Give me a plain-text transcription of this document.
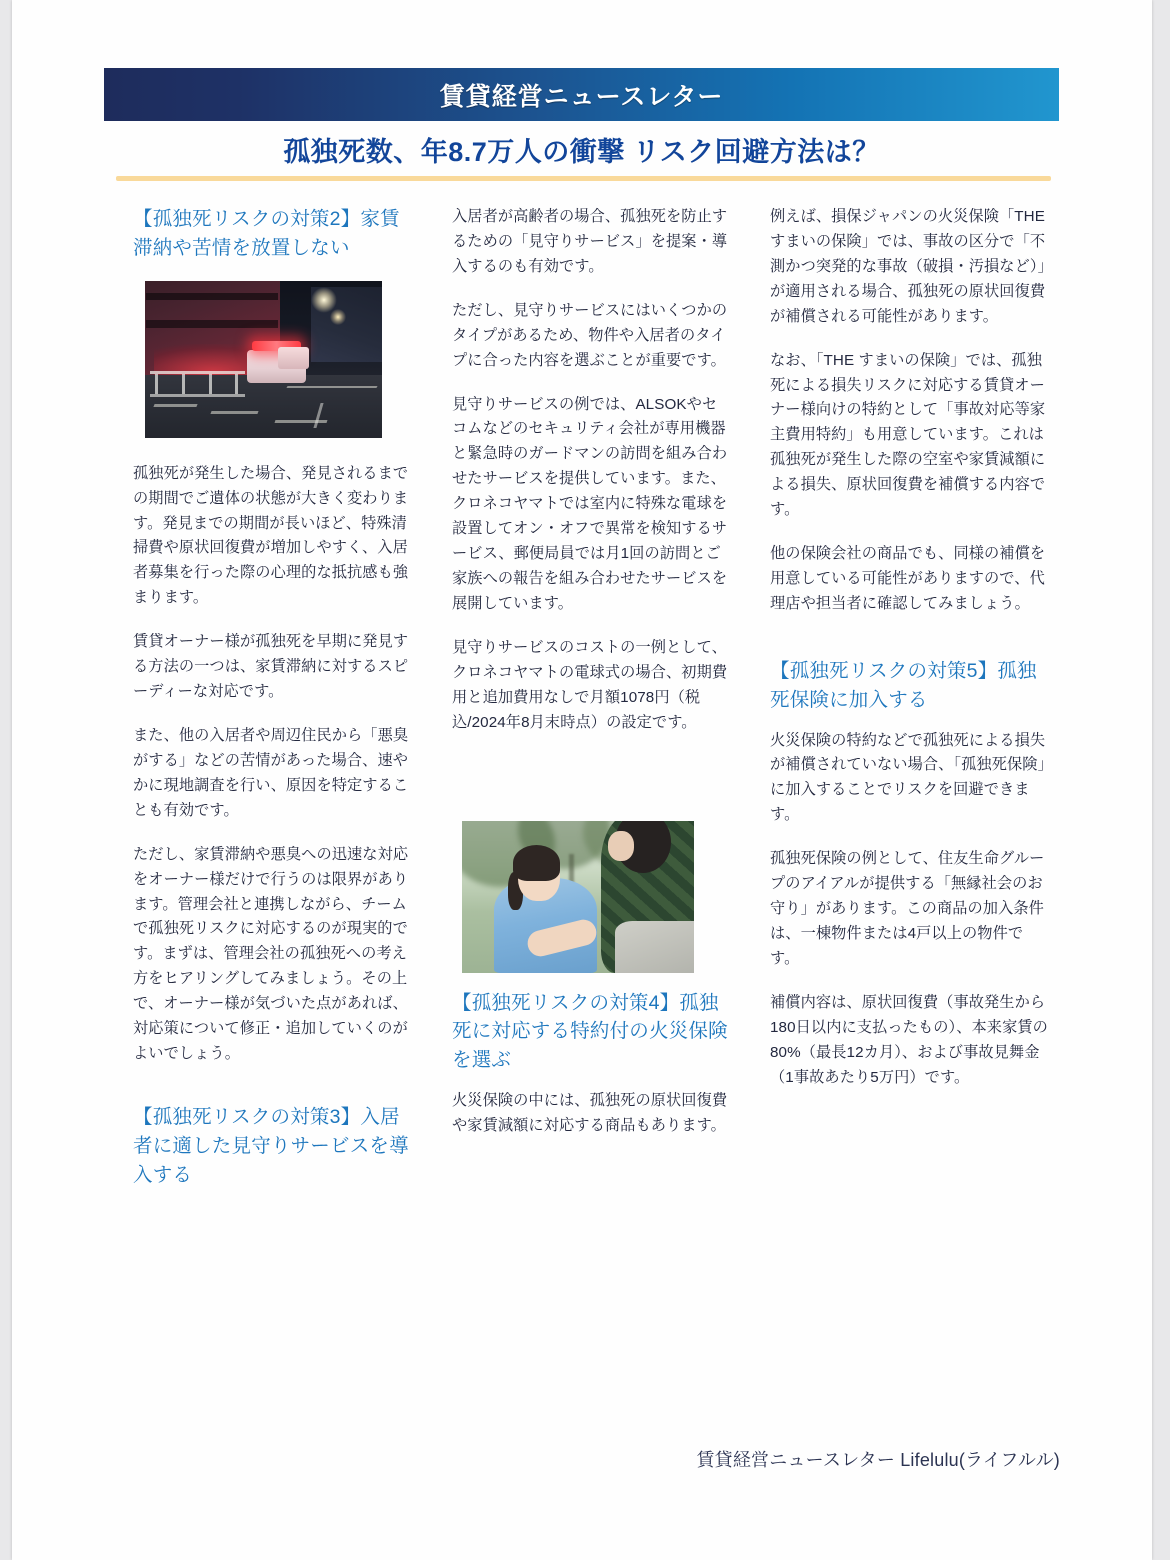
賃貸経営ニュースレター
孤独死数、年8.7万人の衝撃 リスク回避方法は？
【孤独死リスクの対策2】家賃滞納や苦情を放置しない

孤独死が発生した場合、発見されるまでの期間でご遺体の状態が大きく変わります。発見までの期間が長いほど、特殊清掃費や原状回復費が増加しやすく、入居者募集を行った際の心理的な抵抗感も強まります。

賃貸オーナー様が孤独死を早期に発見する方法の一つは、家賃滞納に対するスピーディーな対応です。

また、他の入居者や周辺住民から「悪臭がする」などの苦情があった場合、速やかに現地調査を行い、原因を特定することも有効です。

ただし、家賃滞納や悪臭への迅速な対応をオーナー様だけで行うのは限界があります。管理会社と連携しながら、チームで孤独死リスクに対応するのが現実的です。まずは、管理会社の孤独死への考え方をヒアリングしてみましょう。その上で、オーナー様が気づいた点があれば、対応策について修正・追加していくのがよいでしょう。

【孤独死リスクの対策3】入居者に適した見守りサービスを導入する

入居者が高齢者の場合、孤独死を防止するための「見守りサービス」を提案・導入するのも有効です。

ただし、見守りサービスにはいくつかのタイプがあるため、物件や入居者のタイプに合った内容を選ぶことが重要です。

見守りサービスの例では、ALSOKやセコムなどのセキュリティ会社が専用機器と緊急時のガードマンの訪問を組み合わせたサービスを提供しています。また、クロネコヤマトでは室内に特殊な電球を設置してオン・オフで異常を検知するサービス、郵便局員では月1回の訪問とご家族への報告を組み合わせたサービスを展開しています。

見守りサービスのコストの一例として、クロネコヤマトの電球式の場合、初期費用と追加費用なしで月額1078円（税込/2024年8月末時点）の設定です。

【孤独死リスクの対策4】孤独死に対応する特約付の火災保険を選ぶ

火災保険の中には、孤独死の原状回復費や家賃減額に対応する商品もあります。

例えば、損保ジャパンの火災保険「THE すまいの保険」では、事故の区分で「不測かつ突発的な事故（破損・汚損など）」が適用される場合、孤独死の原状回復費が補償される可能性があります。

なお、「THE すまいの保険」では、孤独死による損失リスクに対応する賃貸オーナー様向けの特約として「事故対応等家主費用特約」も用意しています。これは孤独死が発生した際の空室や家賃減額による損失、原状回復費を補償する内容です。

他の保険会社の商品でも、同様の補償を用意している可能性がありますので、代理店や担当者に確認してみましょう。

【孤独死リスクの対策5】孤独死保険に加入する

火災保険の特約などで孤独死による損失が補償されていない場合、「孤独死保険」に加入することでリスクを回避できます。

孤独死保険の例として、住友生命グループのアイアルが提供する「無縁社会のお守り」があります。この商品の加入条件は、一棟物件または4戸以上の物件です。

補償内容は、原状回復費（事故発生から180日以内に支払ったもの）、本来家賃の80%（最長12カ月）、および事故見舞金（1事故あたり5万円）です。

賃貸経営ニュースレター Lifelulu(ライフルル)
